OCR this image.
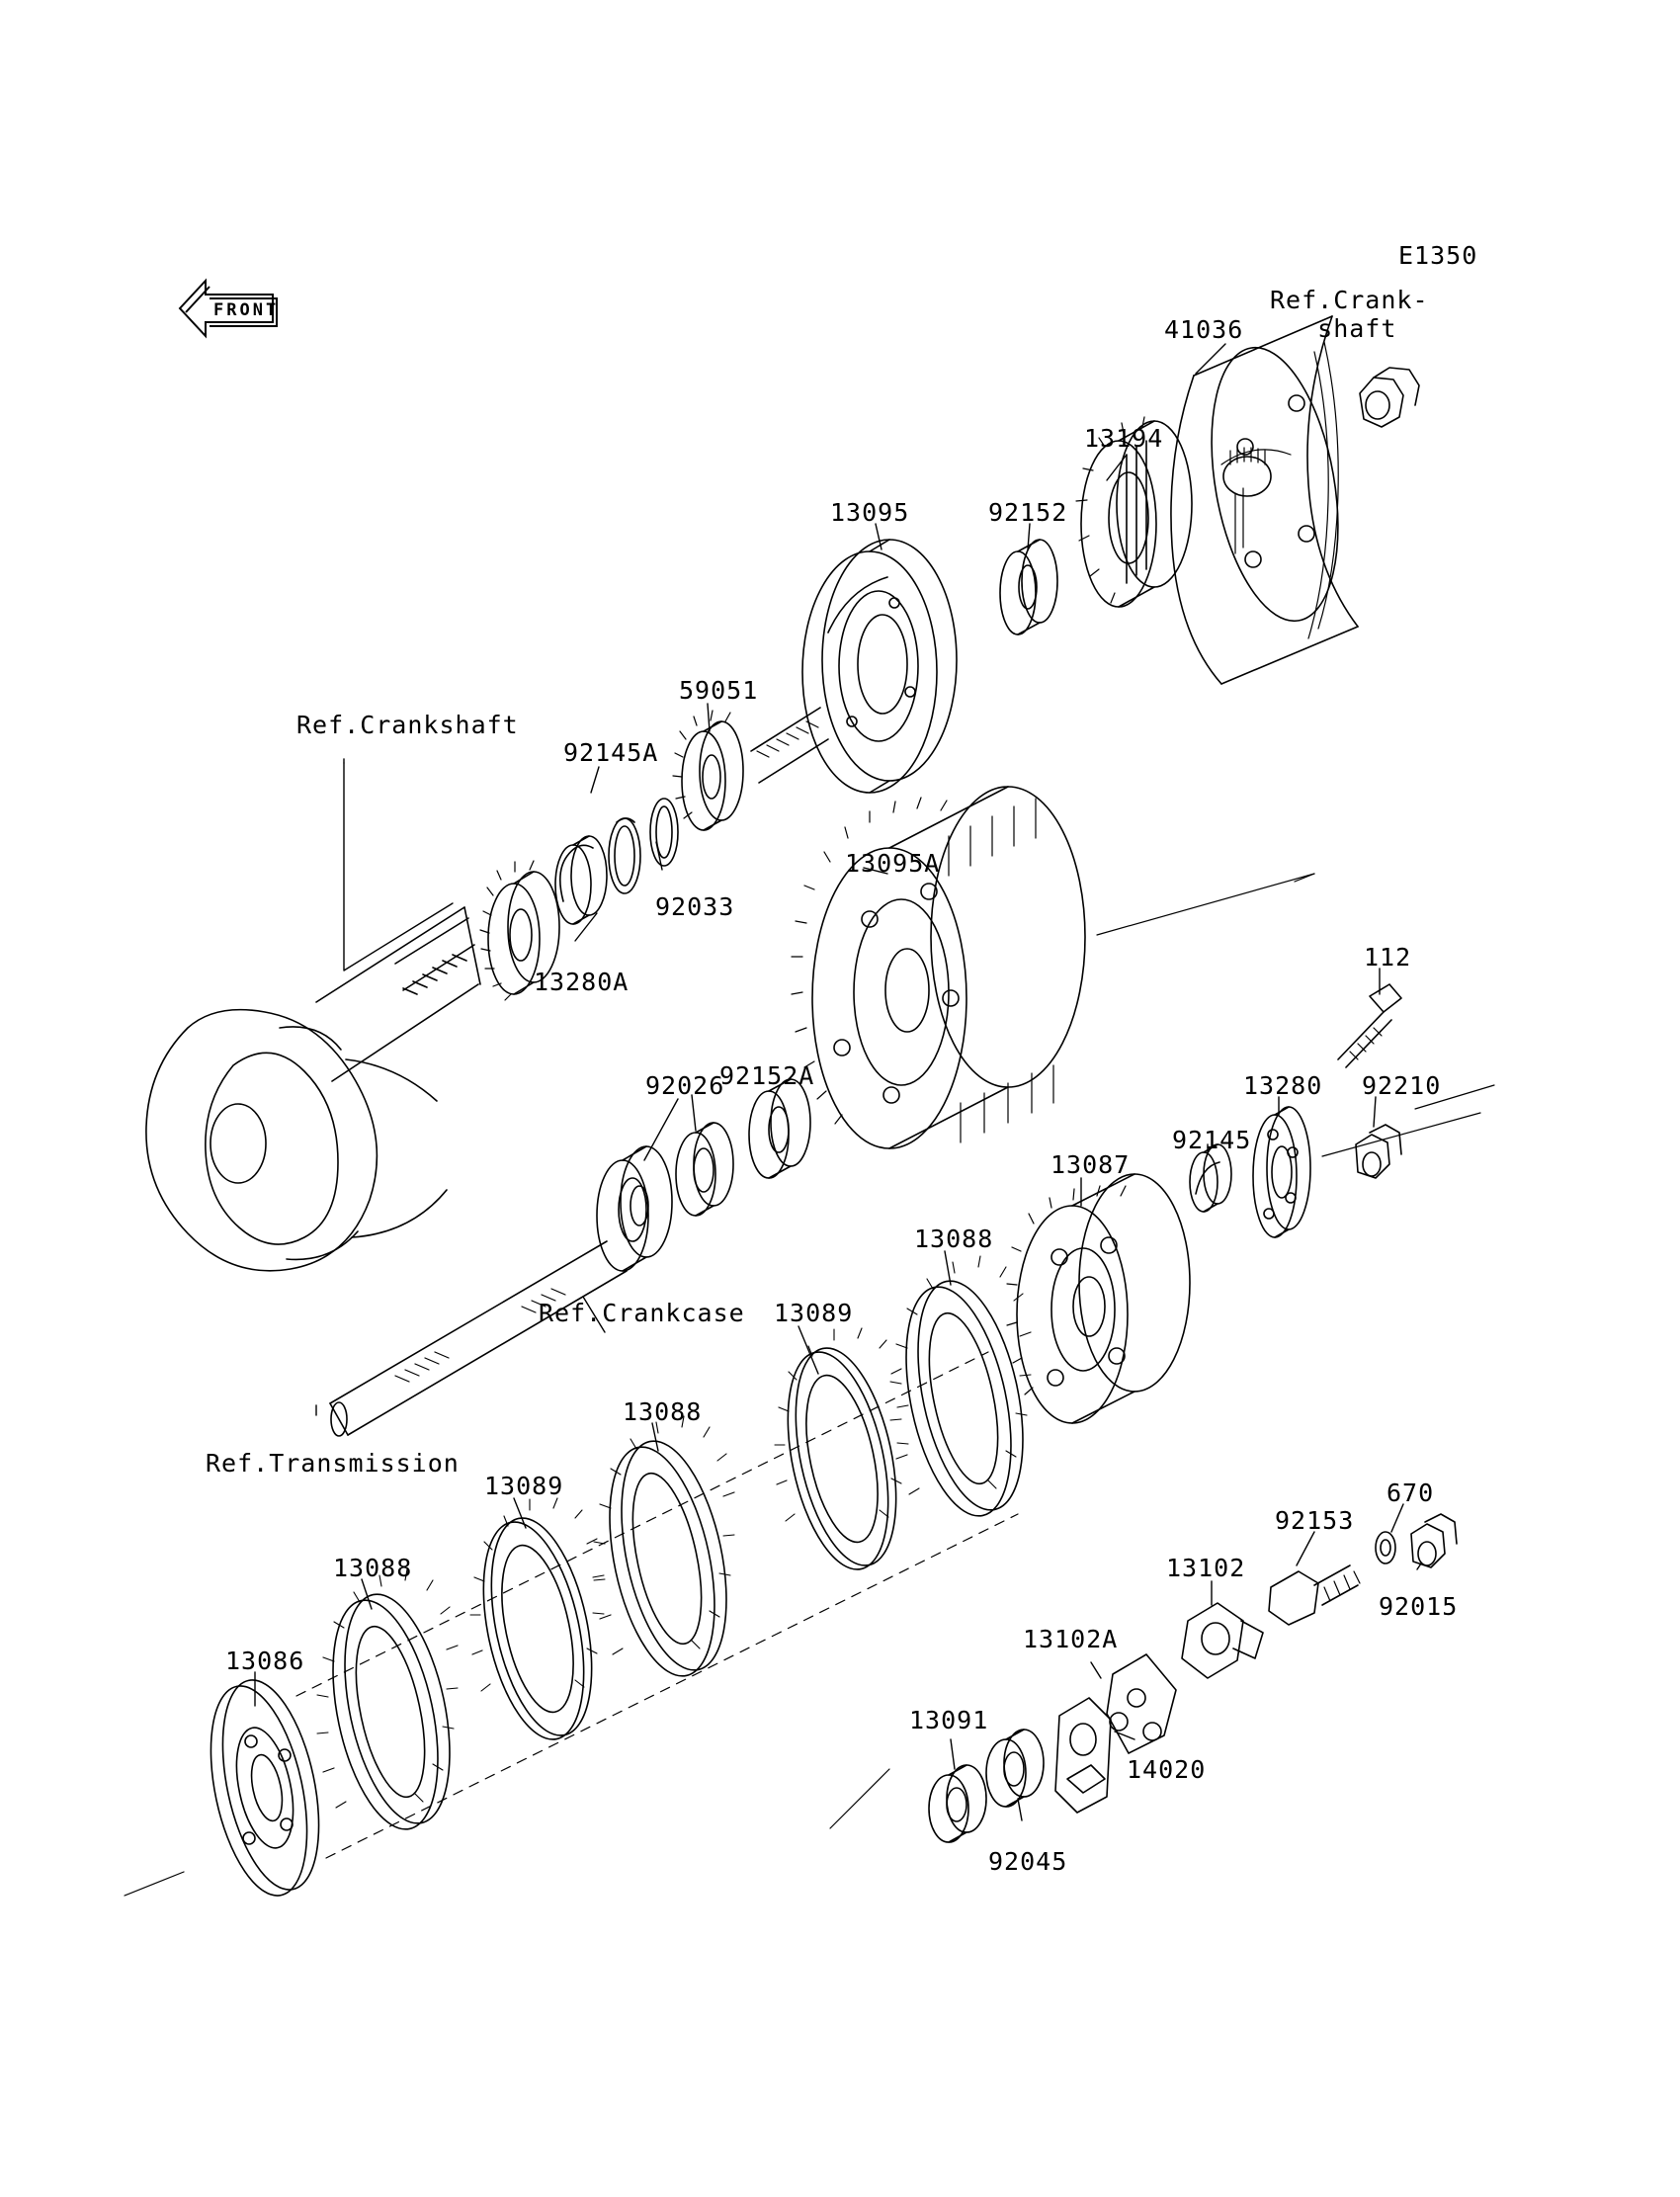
FRONT
E1350
Ref.Crank-
shaft
Ref.Crankshaft
Ref.Crankcase
Ref.Transmission
41036
13194
13095	92152
59051
92145A
92033
13280A
13095A
112
92152A
92026	13280 92210
92145
13087
13088
13089
13088
13089
13088
13086
92153
670
92015
13102
13102A
14020
13091
92045
